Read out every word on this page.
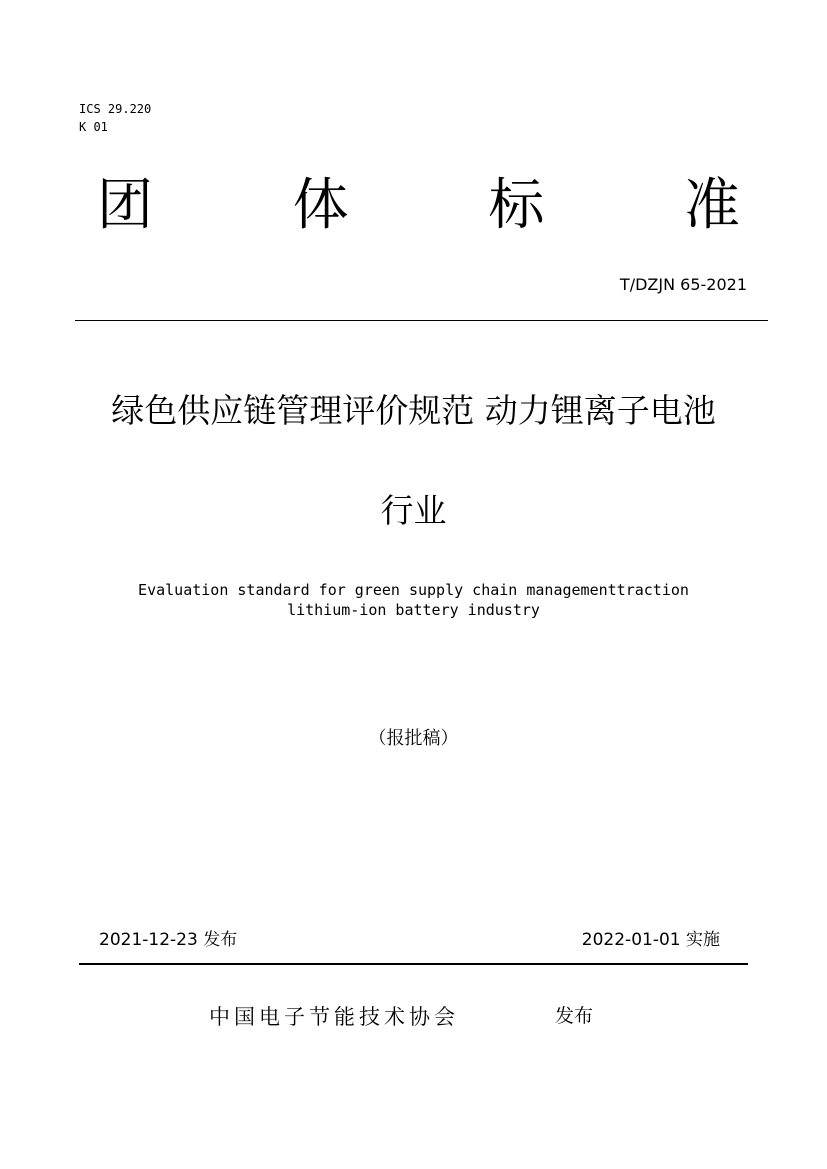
ICS 29.220
K 01
团 体 标 准
T/DZJN 65-2021
绿色供应链管理评价规范 动力锂离子电池
行业
Evaluation standard for green supply chain managementtraction
lithium-ion battery industry
（报批稿）
2021-12-23 发布	2022-01-01 实施
中国电子节能技术协会	发布
